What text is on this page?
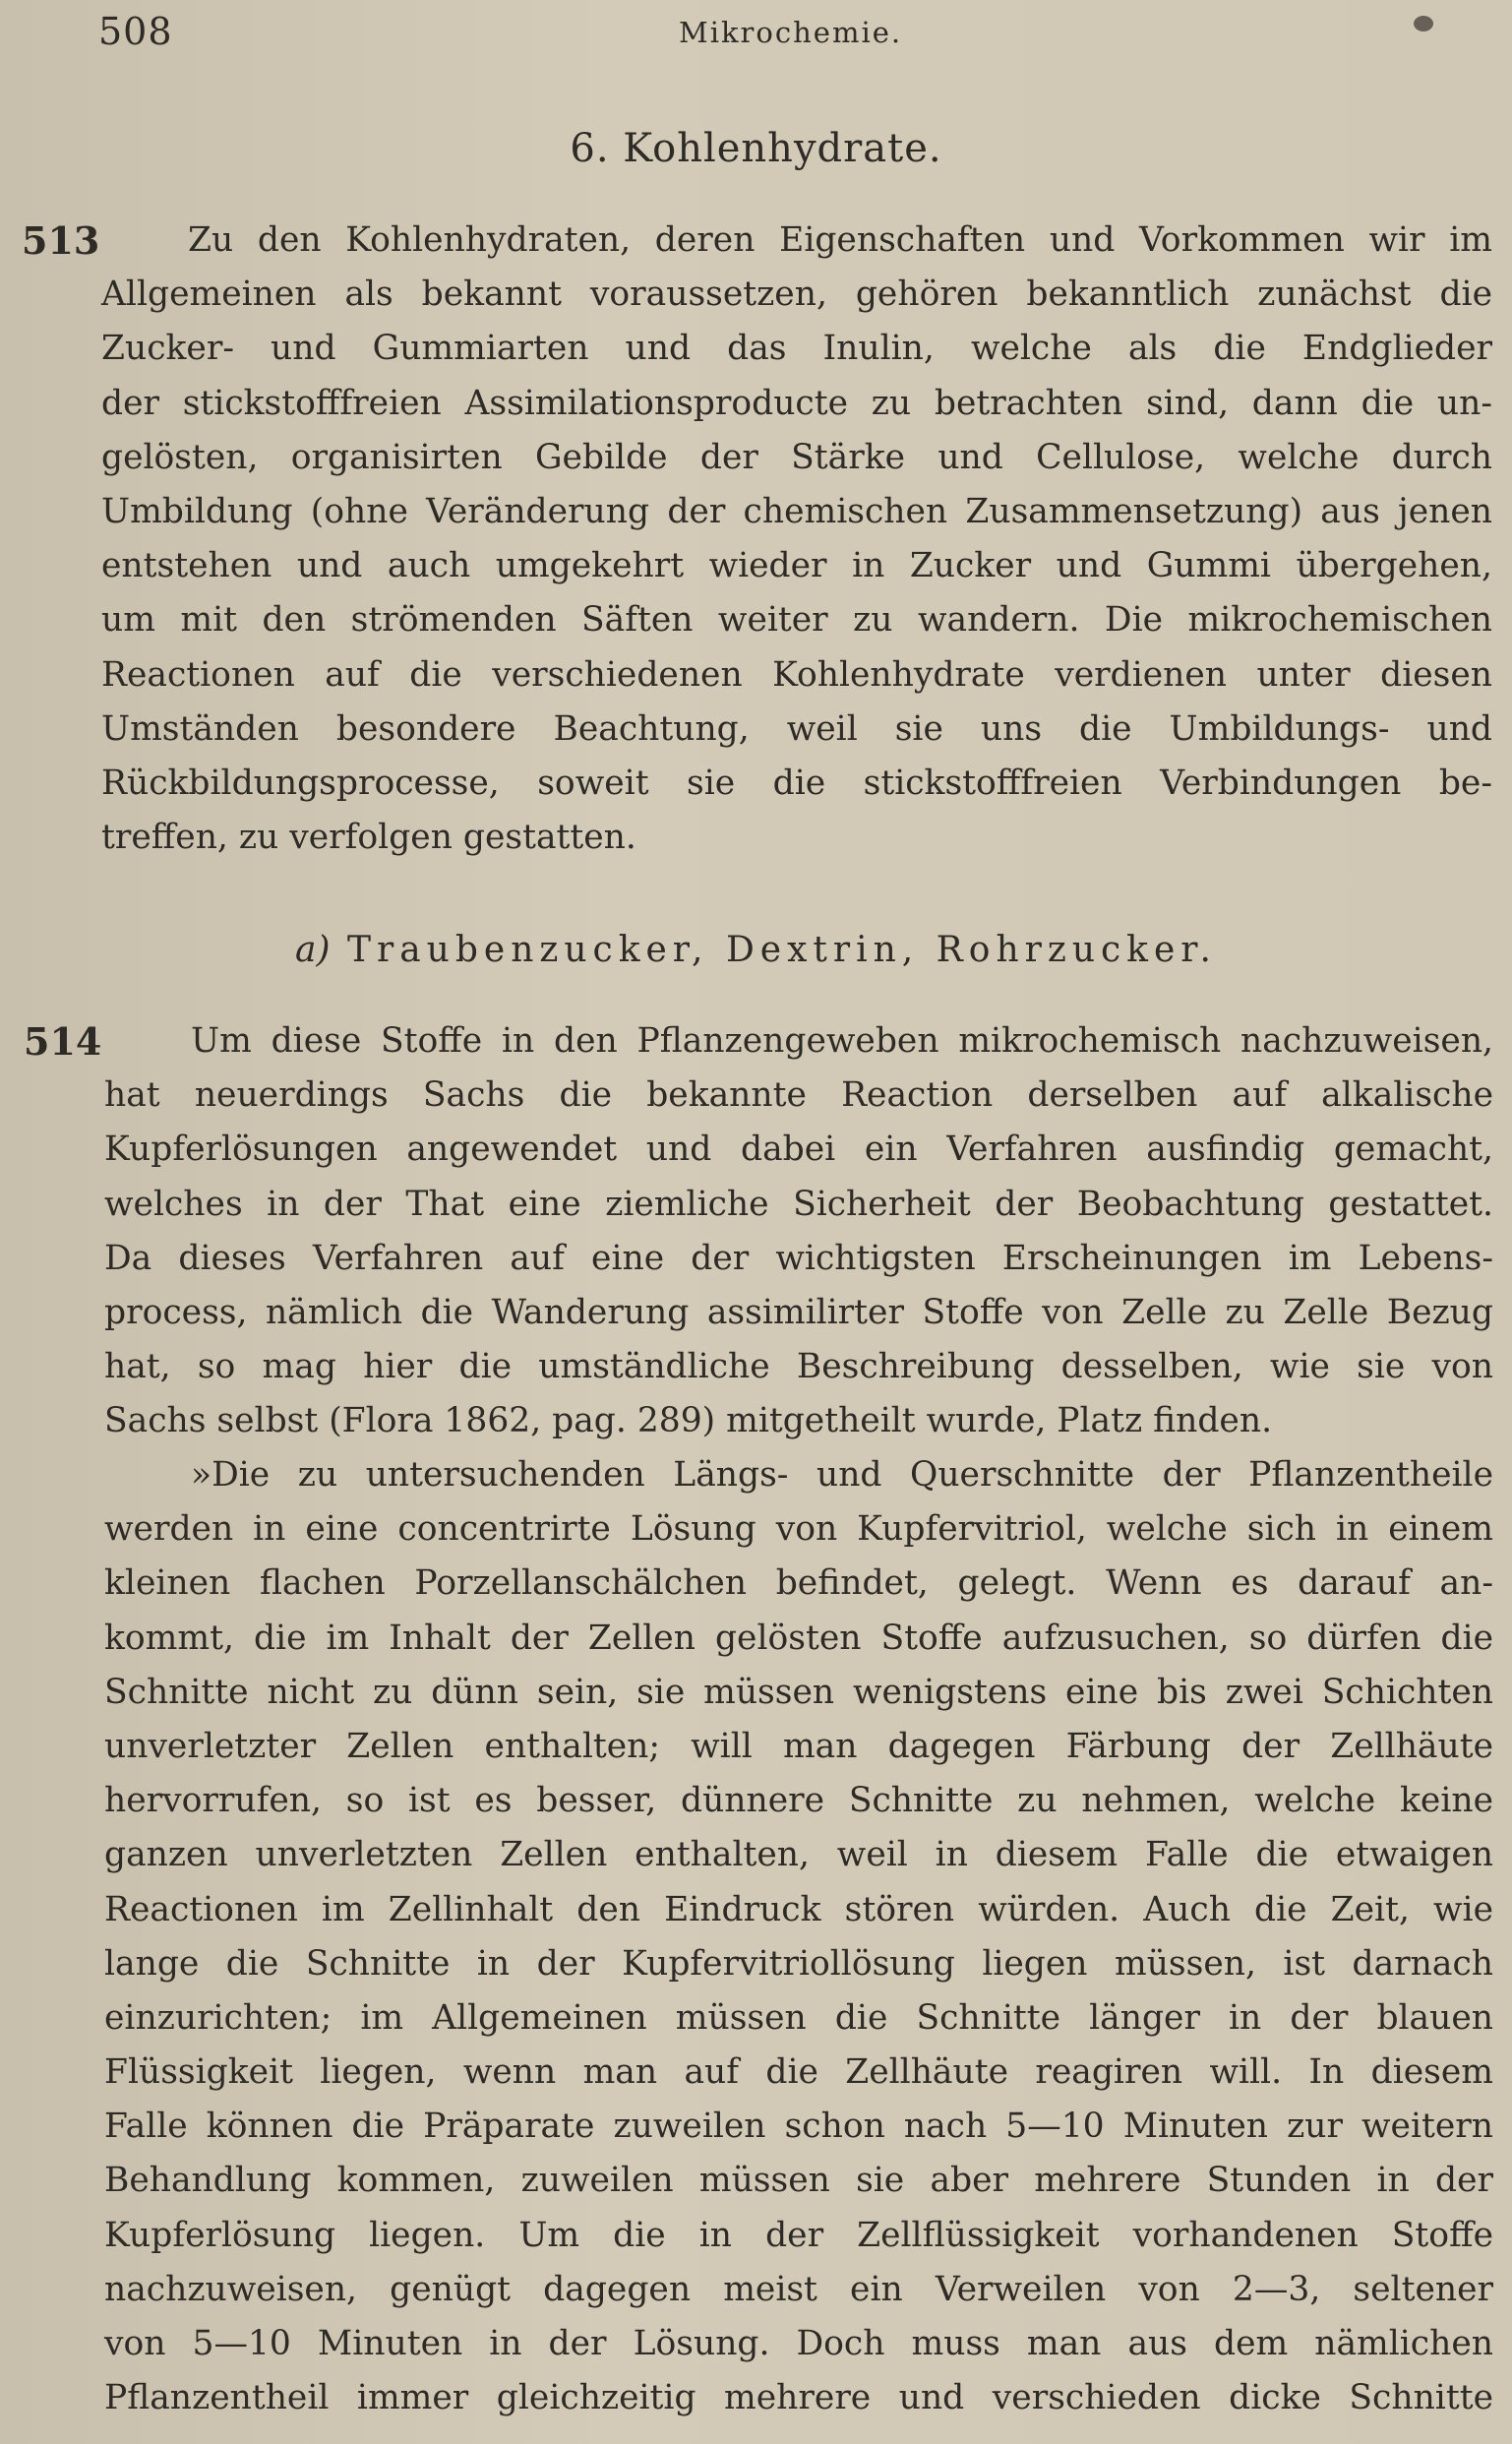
508	Mikrochemie.
6. Kohlenhydrate.
513	Zu den Kohlenhydraten, deren Eigenschaften und Vorkommen wir im
Allgemeinen als bekannt voraussetzen, gehören bekanntlich zunächst die
Zucker- und Gummiarten und das Inulin, welche als die Endglieder
der stickstofffreien Assimilationsproducte zu betrachten sind, dann die un-
gelösten, organisirten Gebilde der Stärke und Cellulose, welche durch
Umbildung (ohne Veränderung der chemischen Zusammensetzung) aus jenen
entstehen und auch umgekehrt wieder in Zucker und Gummi übergehen,
um mit den strömenden Säften weiter zu wandern. Die mikrochemischen
Reactionen auf die verschiedenen Kohlenhydrate verdienen unter diesen
Umständen besondere Beachtung, weil sie uns die Umbildungs- und
Rückbildungsprocesse, soweit sie die stickstofffreien Verbindungen be-
treffen, zu verfolgen gestatten.
a) Traubenzucker, Dextrin, Rohrzucker.
514	Um diese Stoffe in den Pflanzengeweben mikrochemisch nachzuweisen,
hat neuerdings Sachs die bekannte Reaction derselben auf alkalische
Kupferlösungen angewendet und dabei ein Verfahren ausfindig gemacht,
welches in der That eine ziemliche Sicherheit der Beobachtung gestattet.
Da dieses Verfahren auf eine der wichtigsten Erscheinungen im Lebens-
process, nämlich die Wanderung assimilirter Stoffe von Zelle zu Zelle Bezug
hat, so mag hier die umständliche Beschreibung desselben, wie sie von
Sachs selbst (Flora 1862, pag. 289) mitgetheilt wurde, Platz finden.
»Die zu untersuchenden Längs- und Querschnitte der Pflanzentheile
werden in eine concentrirte Lösung von Kupfervitriol, welche sich in einem
kleinen flachen Porzellanschälchen befindet, gelegt. Wenn es darauf an-
kommt, die im Inhalt der Zellen gelösten Stoffe aufzusuchen, so dürfen die
Schnitte nicht zu dünn sein, sie müssen wenigstens eine bis zwei Schichten
unverletzter Zellen enthalten; will man dagegen Färbung der Zellhäute
hervorrufen, so ist es besser, dünnere Schnitte zu nehmen, welche keine
ganzen unverletzten Zellen enthalten, weil in diesem Falle die etwaigen
Reactionen im Zellinhalt den Eindruck stören würden. Auch die Zeit, wie
lange die Schnitte in der Kupfervitriollösung liegen müssen, ist darnach
einzurichten; im Allgemeinen müssen die Schnitte länger in der blauen
Flüssigkeit liegen, wenn man auf die Zellhäute reagiren will. In diesem
Falle können die Präparate zuweilen schon nach 5—10 Minuten zur weitern
Behandlung kommen, zuweilen müssen sie aber mehrere Stunden in der
Kupferlösung liegen. Um die in der Zellflüssigkeit vorhandenen Stoffe
nachzuweisen, genügt dagegen meist ein Verweilen von 2—3, seltener
von 5—10 Minuten in der Lösung. Doch muss man aus dem nämlichen
Pflanzentheil immer gleichzeitig mehrere und verschieden dicke Schnitte
